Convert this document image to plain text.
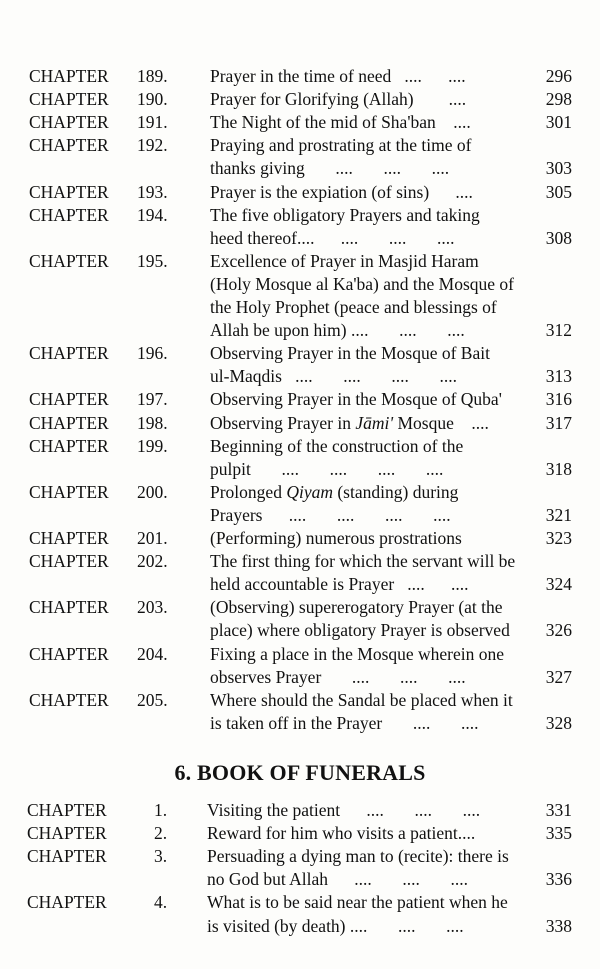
CHAPTER 189.	Prayer in the time of need   ....      ....	296
CHAPTER 190.	Prayer for Glorifying (Allah)        ....	298
CHAPTER 191.	The Night of the mid of Sha'ban    ....	301
CHAPTER 192.	Praying and prostrating at the time of
thanks giving       ....       ....       ....	303
CHAPTER 193.	Prayer is the expiation (of sins)      ....	305
CHAPTER 194.	The five obligatory Prayers and taking
heed thereof....      ....       ....       ....	308
CHAPTER 195.	Excellence of Prayer in Masjid Haram
(Holy Mosque al Ka'ba) and the Mosque of
the Holy Prophet (peace and blessings of
Allah be upon him) ....       ....       ....	312
CHAPTER 196.	Observing Prayer in the Mosque of Bait
ul-Maqdis   ....       ....       ....       ....	313
CHAPTER 197.	Observing Prayer in the Mosque of Quba'	316
CHAPTER 198.	Observing Prayer in Jāmi' Mosque    ....	317
CHAPTER 199.	Beginning of the construction of the
pulpit       ....       ....       ....       ....	318
CHAPTER 200.	Prolonged Qiyam (standing) during
Prayers      ....       ....       ....       ....	321
CHAPTER 201.	(Performing) numerous prostrations	323
CHAPTER 202.	The first thing for which the servant will be
held accountable is Prayer   ....      ....	324
CHAPTER 203.	(Observing) supererogatory Prayer (at the
place) where obligatory Prayer is observed	326
CHAPTER 204.	Fixing a place in the Mosque wherein one
observes Prayer       ....       ....       ....	327
CHAPTER 205.	Where should the Sandal be placed when it
is taken off in the Prayer       ....       ....	328
6. BOOK OF FUNERALS
CHAPTER	1.	Visiting the patient      ....       ....       ....	331
CHAPTER	2.	Reward for him who visits a patient....	335
CHAPTER	3.	Persuading a dying man to (recite): there is
no God but Allah      ....       ....       ....	336
CHAPTER	4.	What is to be said near the patient when he
is visited (by death) ....       ....       ....	338
